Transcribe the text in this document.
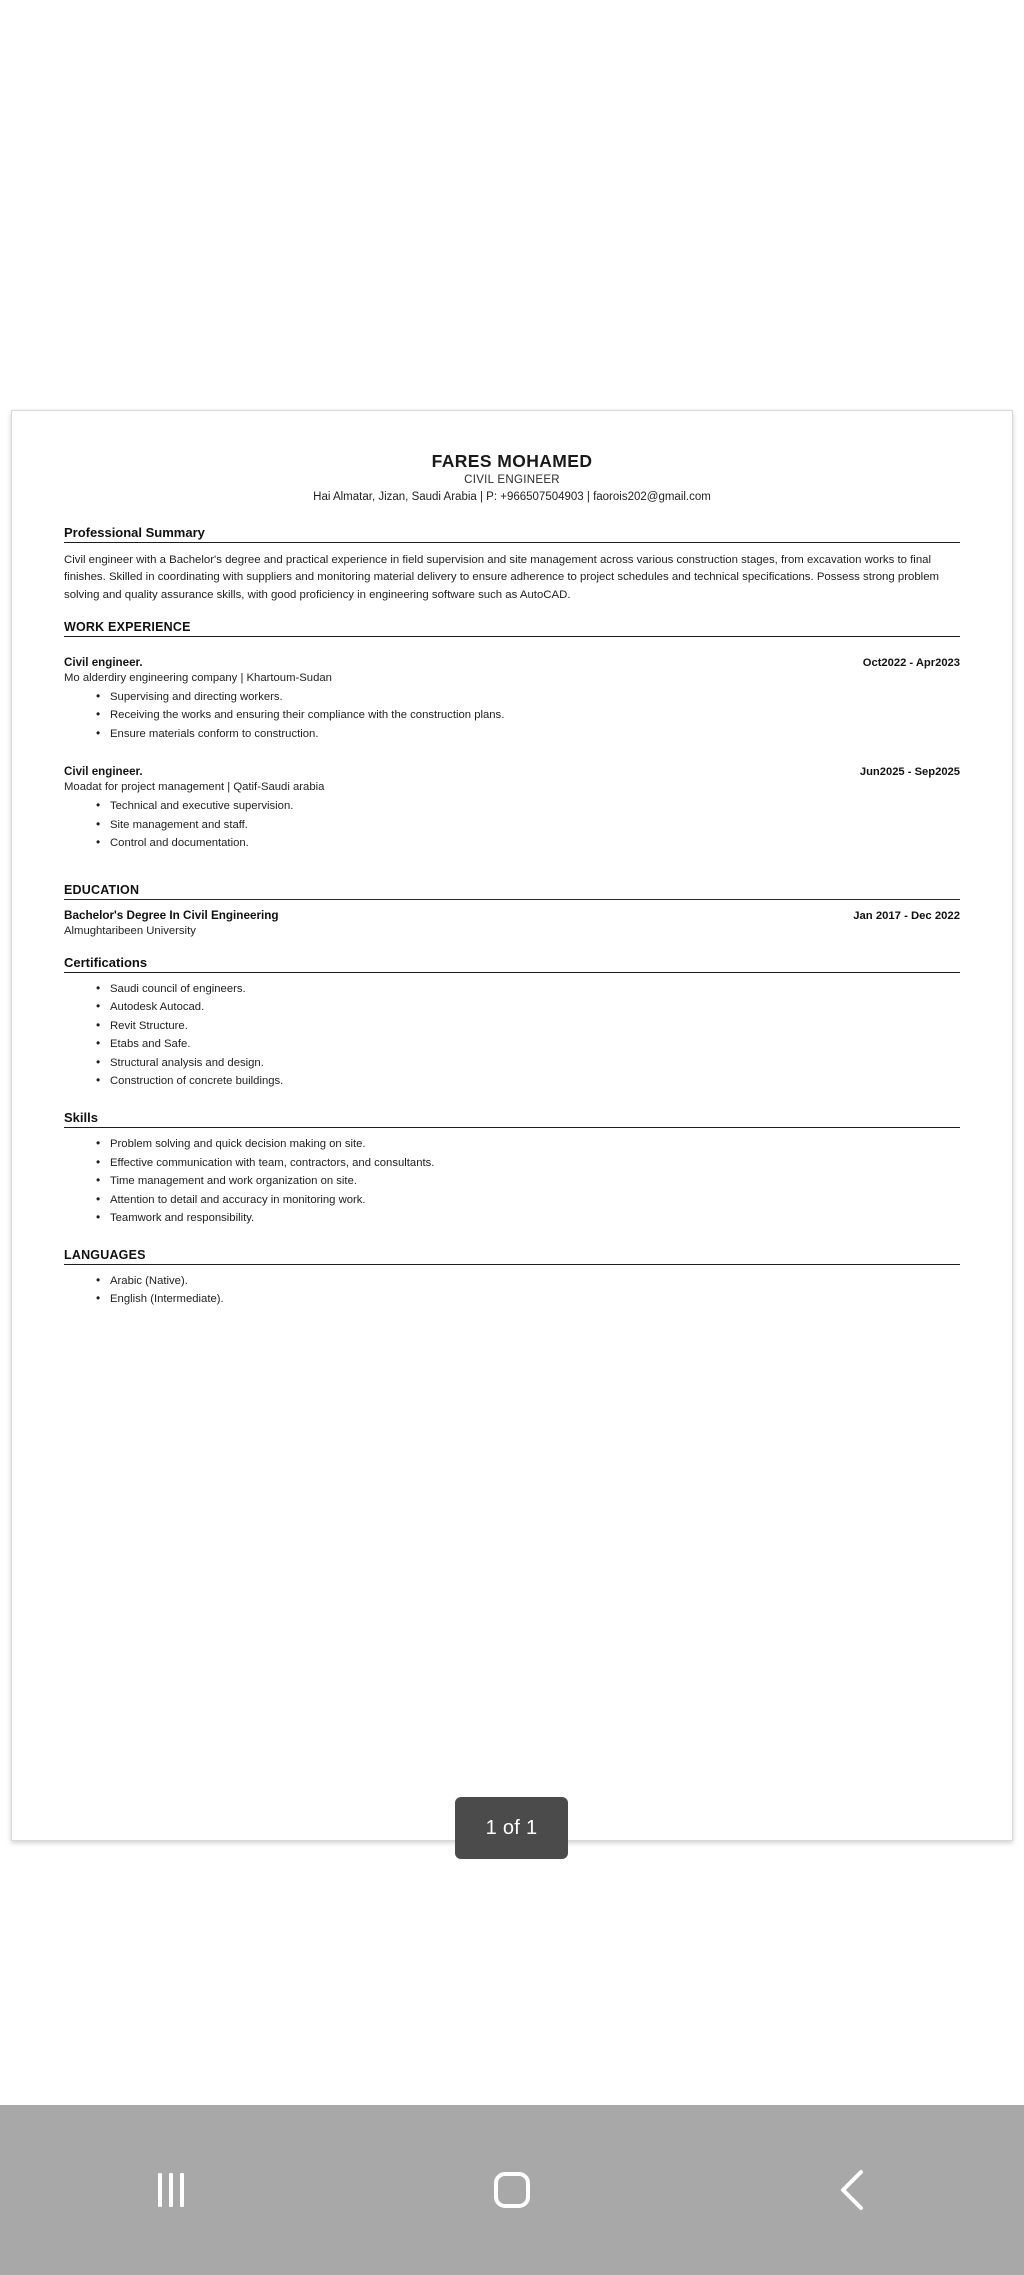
FARES MOHAMED
CIVIL ENGINEER
Hai Almatar, Jizan, Saudi Arabia | P: +966507504903 | faorois202@gmail.com
Professional Summary
Civil engineer with a Bachelor's degree and practical experience in field supervision and site management across various construction stages, from excavation works to final finishes. Skilled in coordinating with suppliers and monitoring material delivery to ensure adherence to project schedules and technical specifications. Possess strong problem solving and quality assurance skills, with good proficiency in engineering software such as AutoCAD.
WORK EXPERIENCE
Civil engineer.	Oct2022 - Apr2023
Mo alderdiry engineering company | Khartoum-Sudan
• Supervising and directing workers.
• Receiving the works and ensuring their compliance with the construction plans.
• Ensure materials conform to construction.
Civil engineer.	Jun2025 - Sep2025
Moadat for project management | Qatif-Saudi arabia
• Technical and executive supervision.
• Site management and staff.
• Control and documentation.
EDUCATION
Bachelor's Degree In Civil Engineering	Jan 2017 - Dec 2022
Almughtaribeen University
Certifications
• Saudi council of engineers.
• Autodesk Autocad.
• Revit Structure.
• Etabs and Safe.
• Structural analysis and design.
• Construction of concrete buildings.
Skills
• Problem solving and quick decision making on site.
• Effective communication with team, contractors, and consultants.
• Time management and work organization on site.
• Attention to detail and accuracy in monitoring work.
• Teamwork and responsibility.
LANGUAGES
• Arabic (Native).
• English (Intermediate).
1 of 1
